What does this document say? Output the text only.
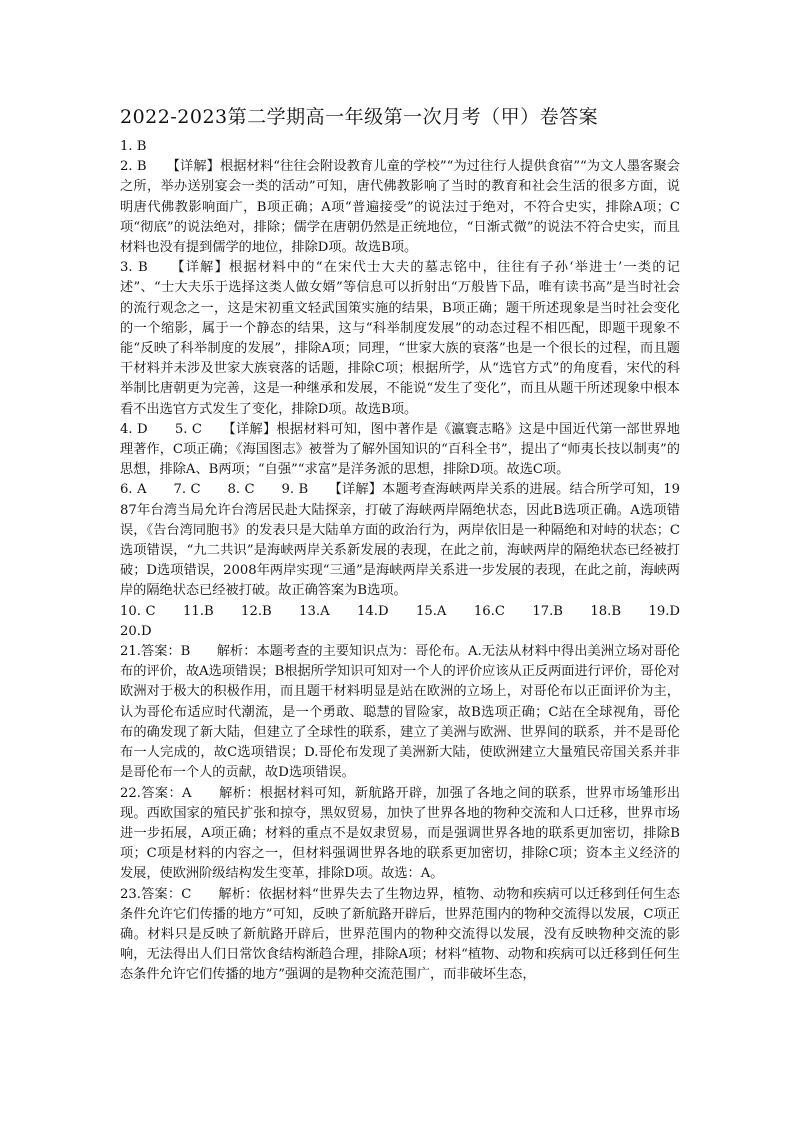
2022-2023第二学期高一年级第一次月考（甲）卷答案

1. B

2. B　　【详解】根据材料“往往会附设教育儿童的学校”“为过往行人提供食宿”“为文人墨客聚会之所，举办送别宴会一类的活动”可知，唐代佛教影响了当时的教育和社会生活的很多方面，说明唐代佛教影响面广，B项正确；A项“普遍接受”的说法过于绝对，不符合史实，排除A项；C项“彻底”的说法绝对，排除；儒学在唐朝仍然是正统地位，“日渐式微”的说法不符合史实，而且材料也没有提到儒学的地位，排除D项。故选B项。

3. B　　【详解】根据材料中的“在宋代士大夫的墓志铭中，往往有子孙‘举进士’一类的记述”、“士大夫乐于选择这类人做女婿”等信息可以折射出“万般皆下品，唯有读书高”是当时社会的流行观念之一，这是宋初重文轻武国策实施的结果，B项正确；题干所述现象是当时社会变化的一个缩影，属于一个静态的结果，这与“科举制度发展”的动态过程不相匹配，即题干现象不能“反映了科举制度的发展”，排除A项；同理，“世家大族的衰落”也是一个很长的过程，而且题干材料并未涉及世家大族衰落的话题，排除C项；根据所学，从“选官方式”的角度看，宋代的科举制比唐朝更为完善，这是一种继承和发展，不能说“发生了变化”，而且从题干所述现象中根本看不出选官方式发生了变化，排除D项。故选B项。

4. D　　5. C　　【详解】根据材料可知，图中著作是《瀛寰志略》这是中国近代第一部世界地理著作，C项正确；《海国图志》被誉为了解外国知识的“百科全书”，提出了“师夷长技以制夷”的思想，排除A、B两项；“自强”“求富”是洋务派的思想，排除D项。故选C项。

6. A　　7. C　　8. C　　9. B　　【详解】本题考查海峡两岸关系的进展。结合所学可知，1987年台湾当局允许台湾居民赴大陆探亲，打破了海峡两岸隔绝状态，因此B选项正确。A选项错误，《告台湾同胞书》的发表只是大陆单方面的政治行为，两岸依旧是一种隔绝和对峙的状态；C选项错误，“九二共识”是海峡两岸关系新发展的表现，在此之前，海峡两岸的隔绝状态已经被打破；D选项错误，2008年两岸实现“三通”是海峡两岸关系进一步发展的表现，在此之前，海峡两岸的隔绝状态已经被打破。故正确答案为B选项。

10. C　　11.B　　12.B　　13.A　　14.D　　15.A　　16.C　　17.B　　18.B　　19.D　　20.D

21.答案：B　　解析：本题考查的主要知识点为：哥伦布。A.无法从材料中得出美洲立场对哥伦布的评价，故A选项错误；B根据所学知识可知对一个人的评价应该从正反两面进行评价，哥伦对欧洲对于极大的积极作用，而且题干材料明显是站在欧洲的立场上，对哥伦布以正面评价为主，认为哥伦布适应时代潮流，是一个勇敢、聪慧的冒险家，故B选项正确；C站在全球视角，哥伦布的确发现了新大陆，但建立了全球性的联系，建立了美洲与欧洲、世界间的联系，并不是哥伦布一人完成的，故C选项错误；D.哥伦布发现了美洲新大陆，使欧洲建立大量殖民帝国关系并非是哥伦布一个人的贡献，故D选项错误。

22.答案：A　　解析：根据材料可知，新航路开辟，加强了各地之间的联系，世界市场雏形出现。西欧国家的殖民扩张和掠夺，黑奴贸易，加快了世界各地的物种交流和人口迁移，世界市场进一步拓展，A项正确；材料的重点不是奴隶贸易，而是强调世界各地的联系更加密切，排除B项；C项是材料的内容之一，但材料强调世界各地的联系更加密切，排除C项；资本主义经济的发展，使欧洲阶级结构发生变革，排除D项。故选：A。

23.答案：C　　解析：依据材料“世界失去了生物边界，植物、动物和疾病可以迁移到任何生态条件允许它们传播的地方”可知，反映了新航路开辟后，世界范围内的物种交流得以发展，C项正确。材料只是反映了新航路开辟后，世界范围内的物种交流得以发展，没有反映物种交流的影响，无法得出人们日常饮食结构渐趋合理，排除A项；材料“植物、动物和疾病可以迁移到任何生态条件允许它们传播的地方”强调的是物种交流范围广，而非破坏生态，
